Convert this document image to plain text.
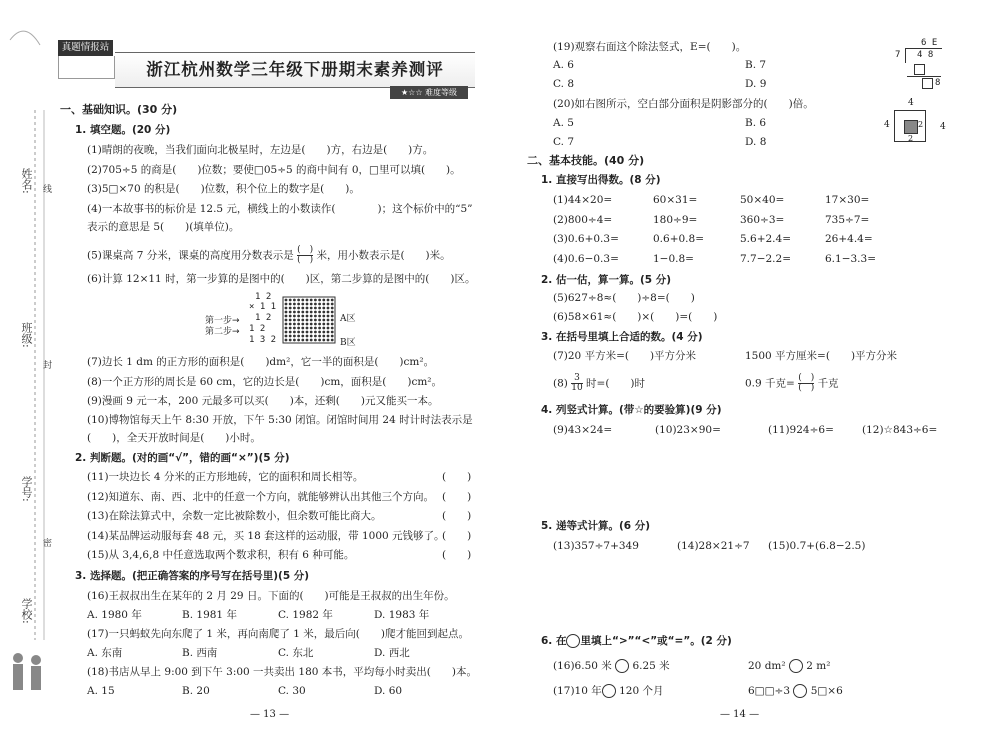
姓名:
班级:
学号:
学校:
线
封
密
真题情报站
浙江杭州数学三年级下册期末素养测评
★☆☆ 难度等级
一、基础知识。(30 分)
1. 填空题。(20 分)
(1)晴朗的夜晚，当我们面向北极星时，左边是(　　)方，右边是(　　)方。
(2)705÷5 的商是(　　)位数；要使□05÷5 的商中间有 0，□里可以填(　　)。
(3)5□×70 的积是(　　)位数，积个位上的数字是(　　)。
(4)一本故事书的标价是 12.5 元，横线上的小数读作(　　　　)；这个标价中的“5”
表示的意思是 5(　　)(填单位)。
(5)课桌高 7 分米，课桌的高度用分数表示是 $\frac{( )}{( )}$ 米，用小数表示是(　　)米。
(6)计算 12×11 时，第一步算的是图中的(　　)区，第二步算的是图中的(　　)区。
1 2
× 1 1
第一步→ 1 2
第二步→ 1 2
1 3 2
A区
B区
(7)边长 1 dm 的正方形的面积是(　　)dm²，它一半的面积是(　　)cm²。
(8)一个正方形的周长是 60 cm，它的边长是(　　)cm，面积是(　　)cm²。
(9)漫画 9 元一本，200 元最多可以买(　　)本，还剩(　　)元又能买一本。
(10)博物馆每天上午 8:30 开放，下午 5:30 闭馆。闭馆时间用 24 时计时法表示是
(　　)，全天开放时间是(　　)小时。
2. 判断题。(对的画“√”，错的画“×”)(5 分)
(11)一块边长 4 分米的正方形地砖，它的面积和周长相等。	(　　)
(12)知道东、南、西、北中的任意一个方向，就能够辨认出其他三个方向。 (　　)
(13)在除法算式中，余数一定比被除数小，但余数可能比商大。	(　　)
(14)某品牌运动服每套 48 元，买 18 套这样的运动服，带 1000 元钱够了。
(　　)
(15)从 3,4,6,8 中任意选取两个数求积，积有 6 种可能。	(　　)
3. 选择题。(把正确答案的序号写在括号里)(5 分)
(16)王叔叔出生在某年的 2 月 29 日。下面的(　　)可能是王叔叔的出生年份。
A. 1980 年	B. 1981 年	C. 1982 年	D. 1983 年
(17)一只蚂蚁先向东爬了 1 米，再向南爬了 1 米，最后向(　　)爬才能回到起点。
A. 东南	B. 西南	C. 东北	D. 西北
(18)书店从早上 9:00 到下午 3:00 一共卖出 180 本书，平均每小时卖出(　　)本。
A. 15	B. 20	C. 30	D. 60
— 13 —
(19)观察右面这个除法竖式，E=(　　)。
A. 6	B. 7
C. 8	D. 9
6 E
7 4 8
8
(20)如右图所示，空白部分面积是阴影部分的(　　)倍。
A. 5	B. 6
C. 7	D. 8
4
4	2
2
4
二、基本技能。(40 分)
1. 直接写出得数。(8 分)
(1)44×20=	60×31=	50×40=	17×30=
(2)800÷4=	180÷9=	360÷3=	735÷7=
(3)0.6+0.3=	0.6+0.8=	5.6+2.4=	26+4.4=
(4)0.6−0.3=	1−0.8=	7.7−2.2=	6.1−3.3=
2. 估一估，算一算。(5 分)
(5)627÷8≈(　　)÷8=(　　)
(6)58×61≈(　　)×(　　)=(　　)
3. 在括号里填上合适的数。(4 分)
(7)20 平方米=(　　)平方分米	1500 平方厘米=(　　)平方分米
$(8) \frac{3}{10}$ 时=(　　)时	0.9 千克= $\frac{( )}{( )}$ 千克
4. 列竖式计算。(带☆的要验算)(9 分)
(9)43×24=	(10)23×90=	(11)924÷6=	(12)☆843÷6=
5. 递等式计算。(6 分)
(13)357÷7+349	(14)28×21÷7 (15)0.7+(6.8−2.5)
6. 在 里填上“>”“<”或“=”。(2 分)
(16)6.50 米 6.25 米	20 dm² 2 m²
(17)10 年 120 个月	6□□÷3 5□×6
— 14 —
